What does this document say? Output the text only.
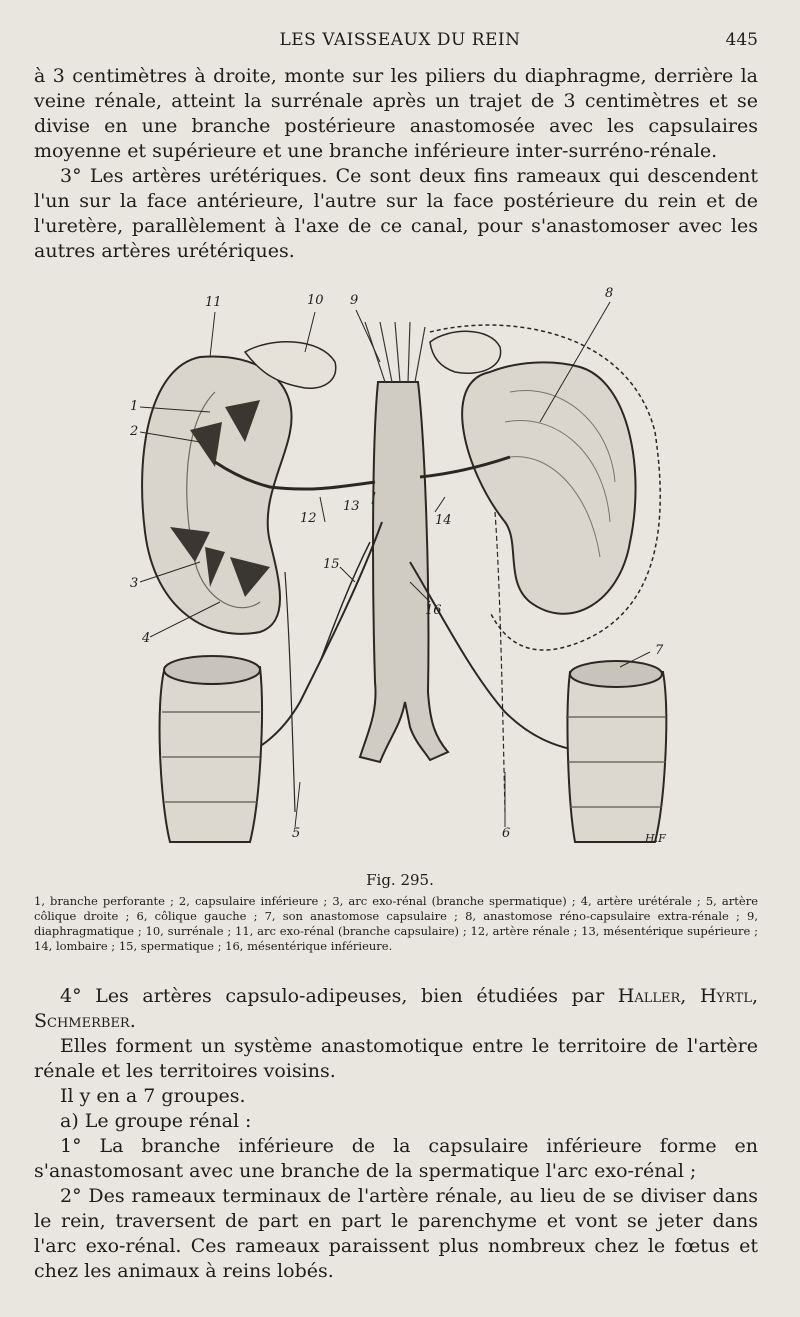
LES VAISSEAUX DU REIN	445

à 3 centimètres à droite, monte sur les piliers du diaphragme, derrière la veine rénale, atteint la surrénale après un trajet de 3 centimètres et se divise en une branche postérieure anastomosée avec les capsulaires moyenne et supérieure et une branche inférieure inter-surréno-rénale.

3° Les artères urétériques. Ce sont deux fins rameaux qui descendent l'un sur la face antérieure, l'autre sur la face postérieure du rein et de l'uretère, parallèlement à l'axe de ce canal, pour s'anastomoser avec les autres artères urétériques.

1
2
3
4
5	6
7
8
9
10
11
12
13
14
15
16
H.F
Fig. 295.
1, branche perforante ; 2, capsulaire inférieure ; 3, arc exo-rénal (branche spermatique) ; 4, artère urétérale ; 5, artère côlique droite ; 6, côlique gauche ; 7, son anastomose capsulaire ; 8, anastomose réno-capsulaire extra-rénale ; 9, diaphragmatique ; 10, surrénale ; 11, arc exo-rénal (branche capsulaire) ; 12, artère rénale ; 13, mésentérique supérieure ; 14, lombaire ; 15, spermatique ; 16, mésentérique inférieure.

4° Les artères capsulo-adipeuses, bien étudiées par Haller, Hyrtl, Schmerber.

Elles forment un système anastomotique entre le territoire de l'artère rénale et les territoires voisins.

Il y en a 7 groupes.

a) Le groupe rénal :

1° La branche inférieure de la capsulaire inférieure forme en s'anastomosant avec une branche de la spermatique l'arc exo-rénal ;

2° Des rameaux terminaux de l'artère rénale, au lieu de se diviser dans le rein, traversent de part en part le parenchyme et vont se jeter dans l'arc exo-rénal. Ces rameaux paraissent plus nombreux chez le fœtus et chez les animaux à reins lobés.
